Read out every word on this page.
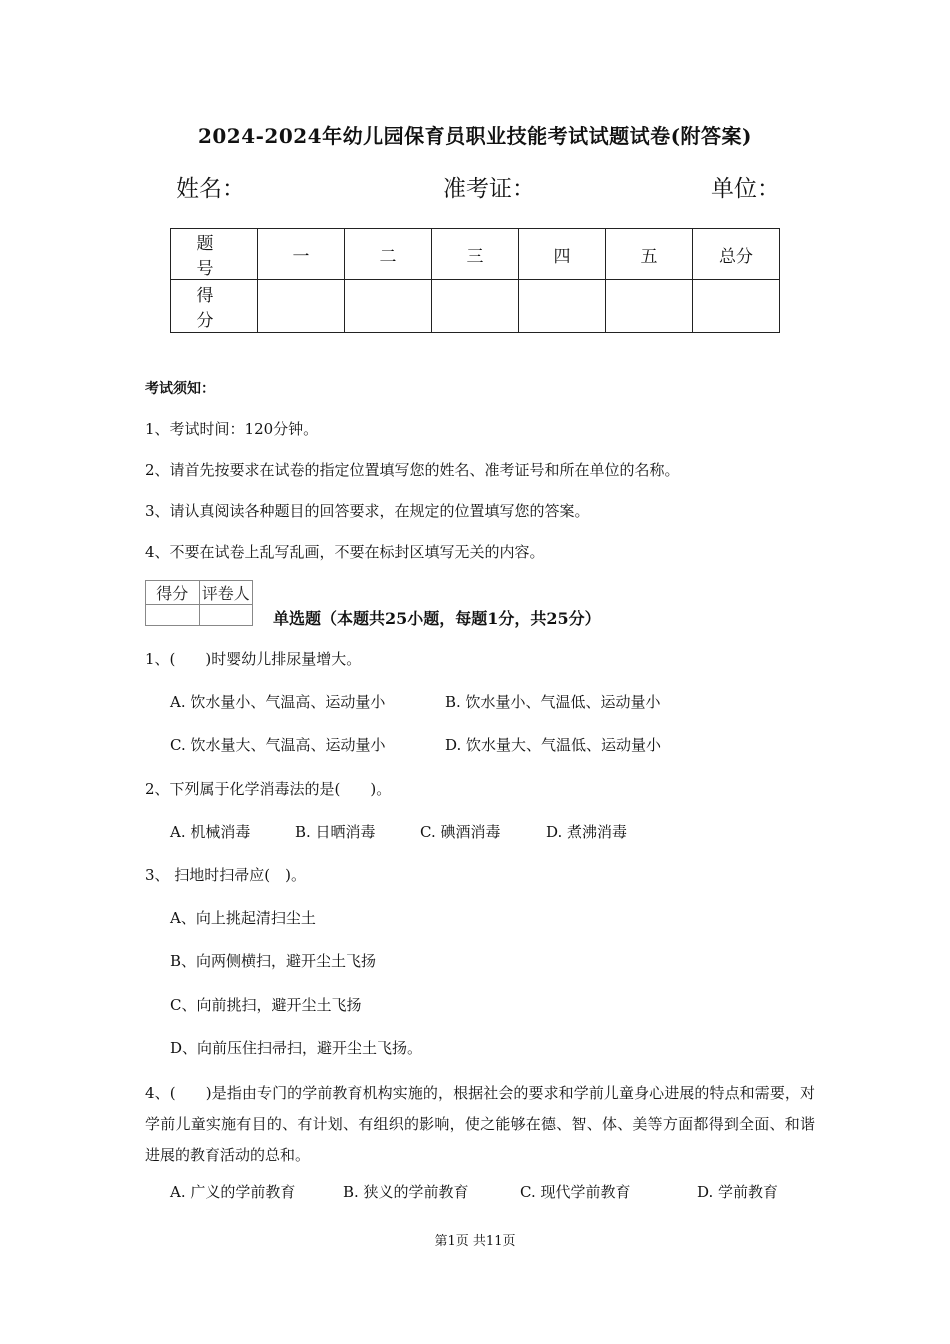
2024-2024年幼儿园保育员职业技能考试试题试卷(附答案)
姓名：	准考证：	单位：
题　号	一	二	三	四	五	总分
得　分						
考试须知：
1、考试时间：120分钟。
2、请首先按要求在试卷的指定位置填写您的姓名、准考证号和所在单位的名称。
3、请认真阅读各种题目的回答要求，在规定的位置填写您的答案。
4、不要在试卷上乱写乱画，不要在标封区填写无关的内容。
得分	评卷人

单选题（本题共25小题，每题1分，共25分）
1、(　　)时婴幼儿排尿量增大。
A. 饮水量小、气温高、运动量小	B. 饮水量小、气温低、运动量小
C. 饮水量大、气温高、运动量小	D. 饮水量大、气温低、运动量小
2、下列属于化学消毒法的是(　　)。
A. 机械消毒	B. 日晒消毒	C. 碘酒消毒	D. 煮沸消毒
3、 扫地时扫帚应(　)。
A、向上挑起清扫尘土
B、向两侧横扫，避开尘土飞扬
C、向前挑扫，避开尘土飞扬
D、向前压住扫帚扫，避开尘土飞扬。
4、(　　)是指由专门的学前教育机构实施的，根据社会的要求和学前儿童身心进展的特点和需要，对学前儿童实施有目的、有计划、有组织的影响，使之能够在德、智、体、美等方面都得到全面、和谐进展的教育活动的总和。
A. 广义的学前教育	B. 狭义的学前教育	C. 现代学前教育	D. 学前教育
第1页 共11页
